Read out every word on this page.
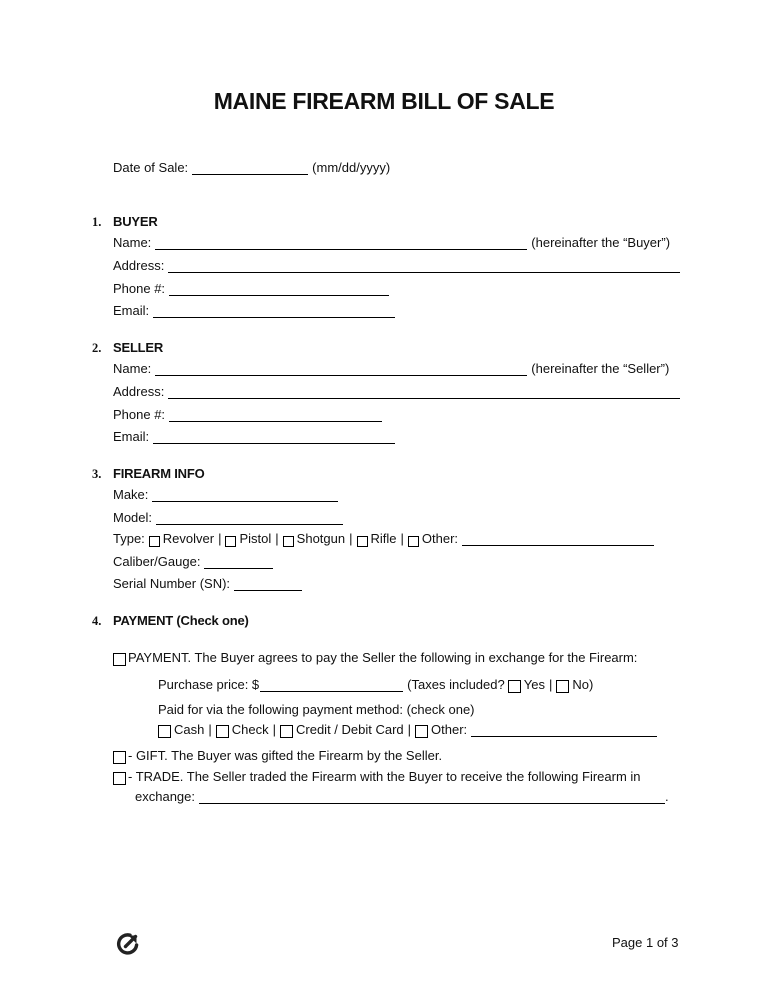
MAINE FIREARM BILL OF SALE
Date of Sale:	(mm/dd/yyyy)
1. BUYER
Name:	(hereinafter the “Buyer”)
Address:
Phone #:
Email:
2. SELLER
Name:	(hereinafter the “Seller”)
Address:
Phone #:
Email:
3. FIREARM INFO
Make:
Model:
Type: Revolver | Pistol | Shotgun | Rifle | Other:
Caliber/Gauge:
Serial Number (SN):
4. PAYMENT (Check one)
PAYMENT. The Buyer agrees to pay the Seller the following in exchange for the Firearm:
Purchase price: $	(Taxes included? Yes | No)
Paid for via the following payment method: (check one)
Cash | Check | Credit / Debit Card | Other:
- GIFT. The Buyer was gifted the Firearm by the Seller.
- TRADE. The Seller traded the Firearm with the Buyer to receive the following Firearm in
exchange:	.
Page 1 of 3
